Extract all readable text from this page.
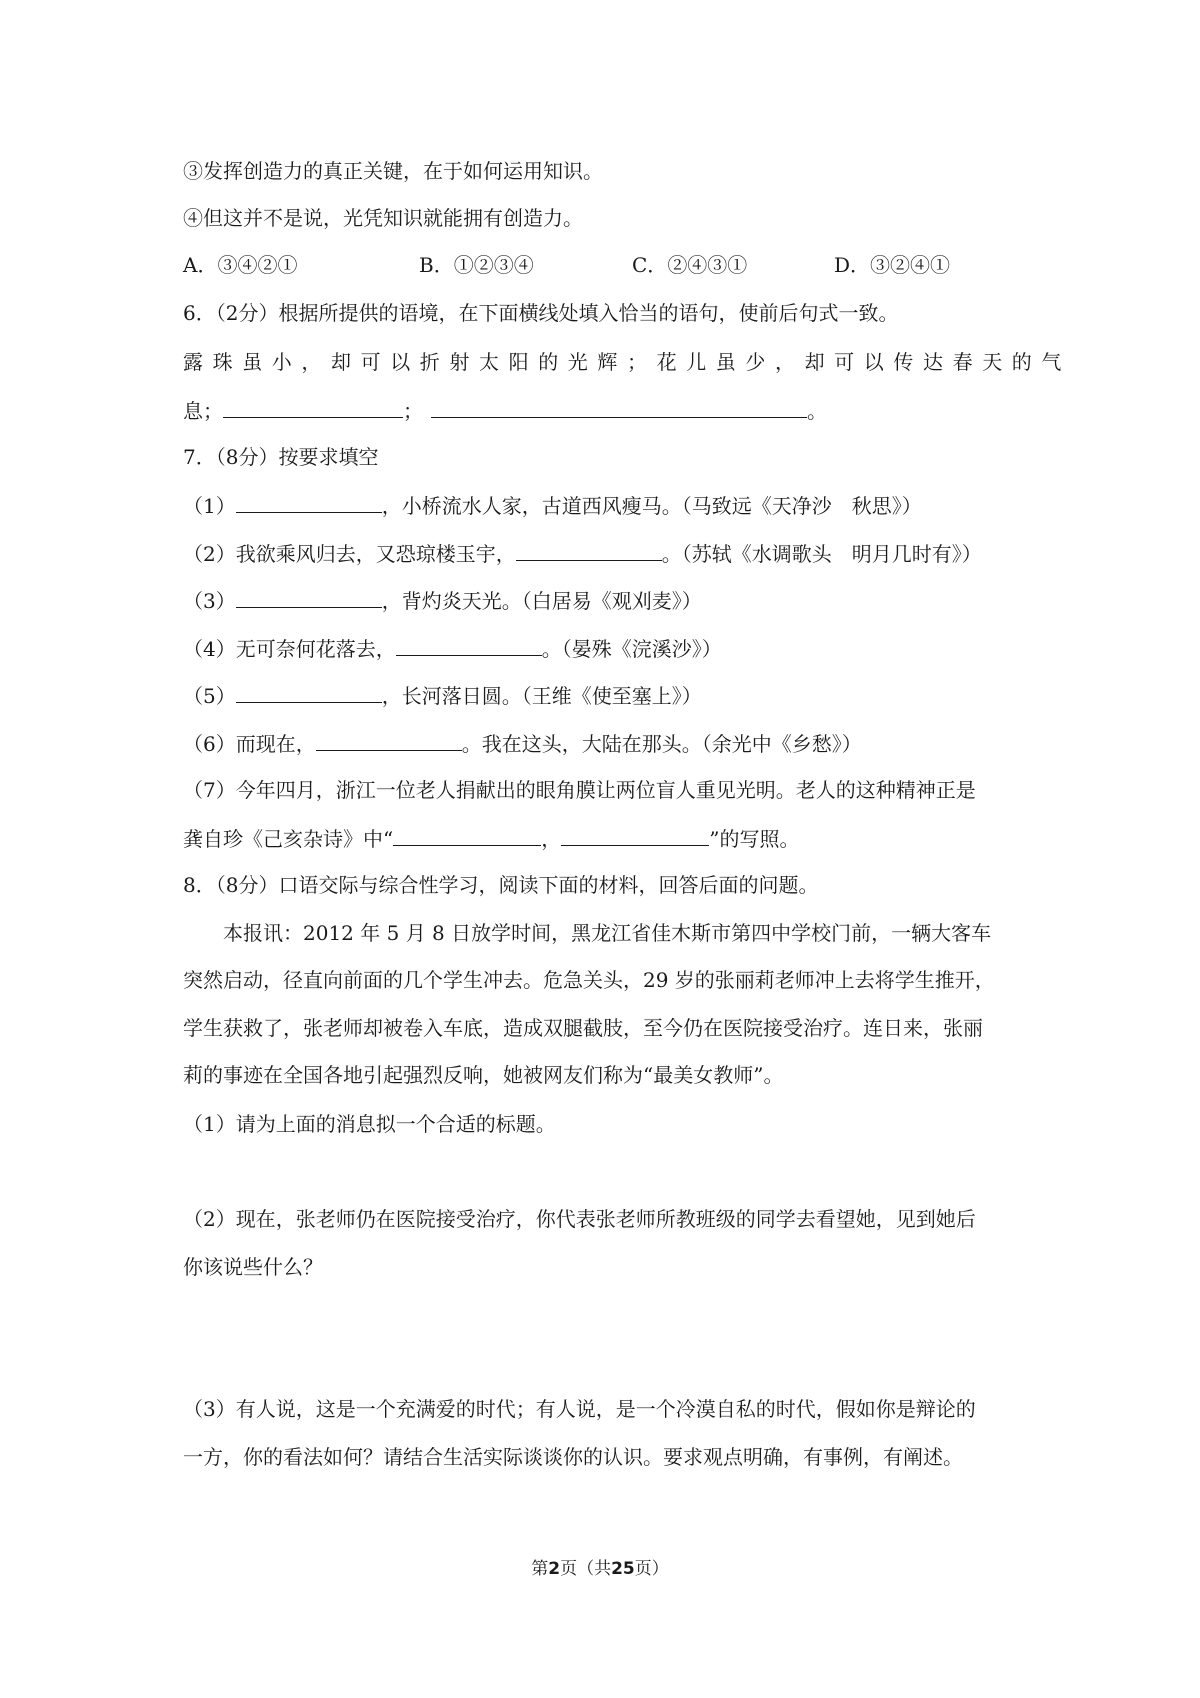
③发挥创造力的真正关键，在于如何运用知识。
④但这并不是说，光凭知识就能拥有创造力。
A．③④②①	B．①②③④	C．②④③①	D．③②④①
6．（2分）根据所提供的语境，在下面横线处填入恰当的语句，使前后句式一致。
露珠虽小，却可以折射太阳的光辉；花儿虽少，却可以传达春天的气
息；	；	。
7．（8分）按要求填空
（1）	，小桥流水人家，古道西风瘦马。（马致远《天净沙　秋思》）
（2）我欲乘风归去，又恐琼楼玉宇，	。（苏轼《水调歌头　明月几时有》）
（3）	，背灼炎天光。（白居易《观刈麦》）
（4）无可奈何花落去，	。（晏殊《浣溪沙》）
（5）	，长河落日圆。（王维《使至塞上》）
（6）而现在，	。我在这头，大陆在那头。（余光中《乡愁》）
（7）今年四月，浙江一位老人捐献出的眼角膜让两位盲人重见光明。老人的这种精神正是
龚自珍《己亥杂诗》中“	，	”的写照。
8．（8分）口语交际与综合性学习，阅读下面的材料，回答后面的问题。
本报讯：2012 年 5 月 8 日放学时间，黑龙江省佳木斯市第四中学校门前，一辆大客车
突然启动，径直向前面的几个学生冲去。危急关头，29 岁的张丽莉老师冲上去将学生推开，
学生获救了，张老师却被卷入车底，造成双腿截肢，至今仍在医院接受治疗。连日来，张丽
莉的事迹在全国各地引起强烈反响，她被网友们称为“最美女教师”。
（1）请为上面的消息拟一个合适的标题。
（2）现在，张老师仍在医院接受治疗，你代表张老师所教班级的同学去看望她，见到她后
你该说些什么？
（3）有人说，这是一个充满爱的时代；有人说，是一个冷漠自私的时代，假如你是辩论的
一方，你的看法如何？请结合生活实际谈谈你的认识。要求观点明确，有事例，有阐述。
第2页（共25页）
